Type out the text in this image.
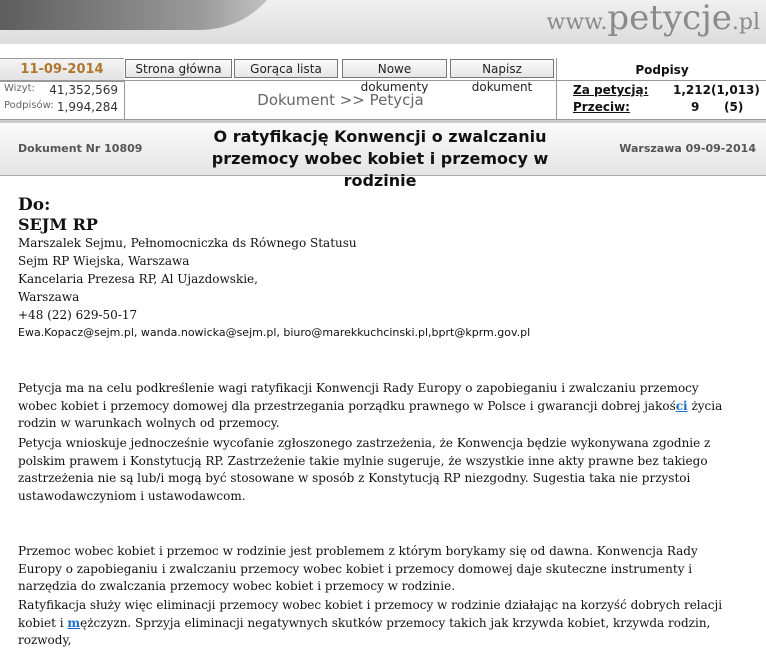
www.petycje.pl
11-09-2014	Strona główna	Gorąca lista	Nowe dokumenty
Napisz dokument
Podpisy
Wizyt: 41,352,569
Podpisów: 1,994,284	Dokument >> Petycja
Za petycją: 1,212(1,013)
Przeciw:	9 (5)
Dokument Nr 10809
O ratyfikację Konwencji o zwalczaniu
przemocy wobec kobiet i przemocy w rodzinie
Warszawa 09-09-2014
Do:
SEJM RP
Marszalek Sejmu, Pełnomocniczka ds Równego Statusu
Sejm RP Wiejska, Warszawa
Kancelaria Prezesa RP, Al Ujazdowskie,
Warszawa
+48 (22) 629-50-17
Ewa.Kopacz@sejm.pl, wanda.nowicka@sejm.pl, biuro@marekkuchcinski.pl,bprt@kprm.gov.pl
Petycja ma na celu podkreślenie wagi ratyfikacji Konwencji Rady Europy o zapobieganiu i zwalczaniu przemocy wobec kobiet i przemocy domowej dla przestrzegania porządku prawnego w Polsce i gwarancji dobrej jakości życia rodzin w warunkach wolnych od przemocy.
Petycja wnioskuje jednocześnie wycofanie zgłoszonego zastrzeżenia, że Konwencja będzie wykonywana zgodnie z polskim prawem i Konstytucją RP. Zastrzeżenie takie mylnie sugeruje, że wszystkie inne akty prawne bez takiego zastrzeżenia nie są lub/i mogą być stosowane w sposób z Konstytucją RP niezgodny. Sugestia taka nie przystoi ustawodawczyniom i ustawodawcom.
Przemoc wobec kobiet i przemoc w rodzinie jest problemem z którym borykamy się od dawna. Konwencja Rady Europy o zapobieganiu i zwalczaniu przemocy wobec kobiet i przemocy domowej daje skuteczne instrumenty i narzędzia do zwalczania przemocy wobec kobiet i przemocy w rodzinie.
Ratyfikacja służy więc eliminacji przemocy wobec kobiet i przemocy w rodzinie działając na korzyść dobrych relacji kobiet i mężczyzn. Sprzyja eliminacji negatywnych skutków przemocy takich jak krzywda kobiet, krzywda rodzin, rozwody,
